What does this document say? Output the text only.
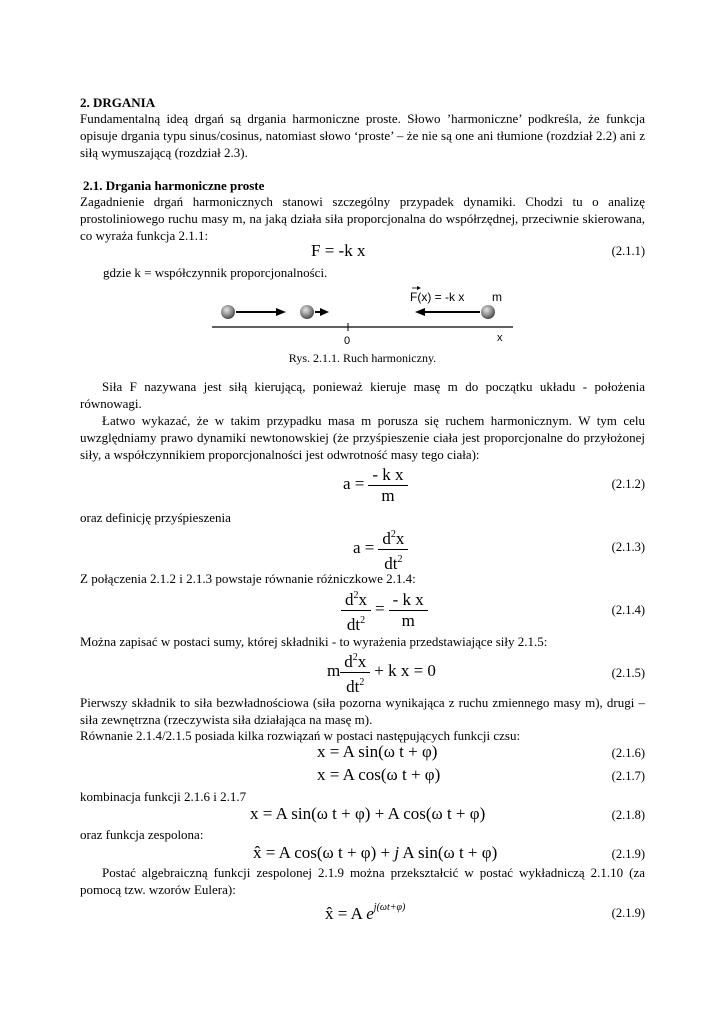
2. DRGANIA
Fundamentalną ideą drgań są drgania harmoniczne proste. Słowo ’harmoniczne’ podkreśla, że funkcja opisuje drgania typu sinus/cosinus, natomiast słowo ‘proste’ – że nie są one ani tłumione (rozdział 2.2) ani z siłą wymuszającą (rozdział 2.3).
2.1. Drgania harmoniczne proste
Zagadnienie drgań harmonicznych stanowi szczególny przypadek dynamiki. Chodzi tu o analizę prostoliniowego ruchu masy m, na jaką działa siła proporcjonalna do współrzędnej, przeciwnie skierowana, co wyraża funkcja 2.1.1:
F = -k x	(2.1.1)
gdzie k = współczynnik proporcjonalności.
F(x) = -k x m
0	x
Rys. 2.1.1. Ruch harmoniczny.
Siła F nazywana jest siłą kierującą, ponieważ kieruje masę m do początku układu - położenia równowagi.
Łatwo wykazać, że w takim przypadku masa m porusza się ruchem harmonicznym. W tym celu uwzględniamy prawo dynamiki newtonowskiej (że przyśpieszenie ciała jest proporcjonalne do przyłożonej siły, a współczynnikiem proporcjonalności jest odwrotność masy tego ciała):
$a = \frac{\text{- k x}}{m}$	(2.1.2)
oraz definicję przyśpieszenia
$a = \frac{d^2x}{dt^2}$	(2.1.3)
Z połączenia 2.1.2 i 2.1.3 powstaje równanie różniczkowe 2.1.4:
$\frac{d^2x}{dt^2} = \frac{\text{- k x}}{m}$	(2.1.4)
Można zapisać w postaci sumy, której składniki - to wyrażenia przedstawiające siły 2.1.5:
m $\frac{d^2x}{dt^2} + k$ x = 0	(2.1.5)
Pierwszy składnik to siła bezwładnościowa (siła pozorna wynikająca z ruchu zmiennego masy m), drugi – siła zewnętrzna (rzeczywista siła działająca na masę m).
Równanie 2.1.4/2.1.5 posiada kilka rozwiązań w postaci następujących funkcji czsu:
x = A sin(ω t + φ)	(2.1.6)
x = A cos(ω t + φ)	(2.1.7)
kombinacja funkcji 2.1.6 i 2.1.7
x = A sin(ω t + φ) + A cos(ω t + φ)	(2.1.8)
oraz funkcja zespolona:
x̂ = A cos(ω t + φ) + j A sin(ω t + φ)	(2.1.9)
Postać algebraiczną funkcji zespolonej 2.1.9 można przekształcić w postać wykładniczą 2.1.10 (za pomocą tzw. wzorów Eulera):
x̂ = A $e^{j(\omega t+\varphi)}$	(2.1.9)
